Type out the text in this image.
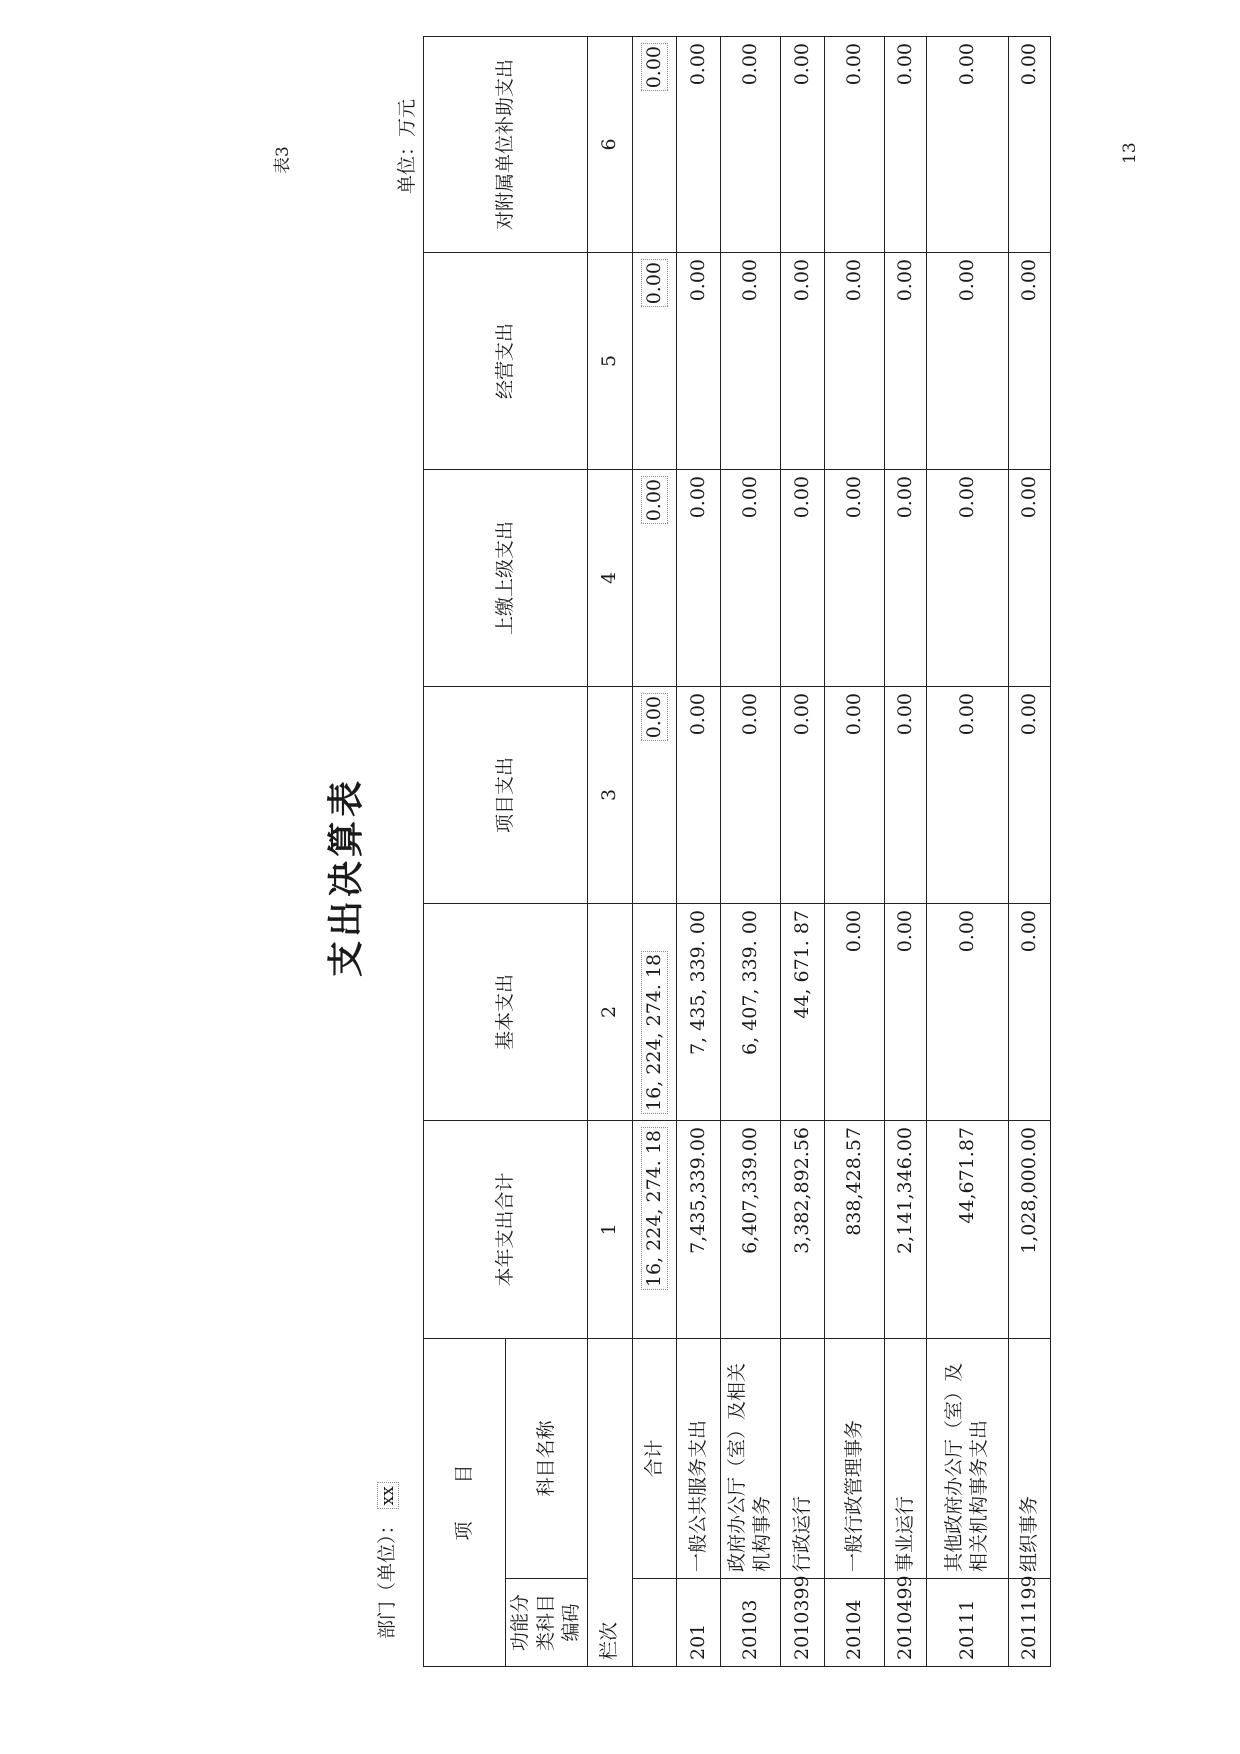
表3	13
支出决算表
部门（单位）： xx
单位：万元
项　　目		本年支出合计	基本支出	项目支出	上缴上级支出	经营支出	对附属单位补助支出
功能分类科目编码	科目名称						
栏次		1	2	3	4	5	6
	合计	16, 224, 274. 18	16, 224, 274. 18	0.00	0.00	0.00	0.00
201	一般公共服务支出	7,435,339.00	7, 435, 339. 00	0.00	0.00	0.00	0.00
20103	政府办公厅（室）及相关机构事务	6,407,339.00	6, 407, 339. 00	0.00	0.00	0.00	0.00
2010399	行政运行	3,382,892.56	44, 671. 87	0.00	0.00	0.00	0.00
20104	一般行政管理事务	838,428.57	0.00	0.00	0.00	0.00	0.00
2010499	事业运行	2,141,346.00	0.00	0.00	0.00	0.00	0.00
20111	其他政府办公厅（室）及相关机构事务支出	44,671.87	0.00	0.00	0.00	0.00	0.00
2011199	组织事务	1,028,000.00	0.00	0.00	0.00	0.00	0.00
